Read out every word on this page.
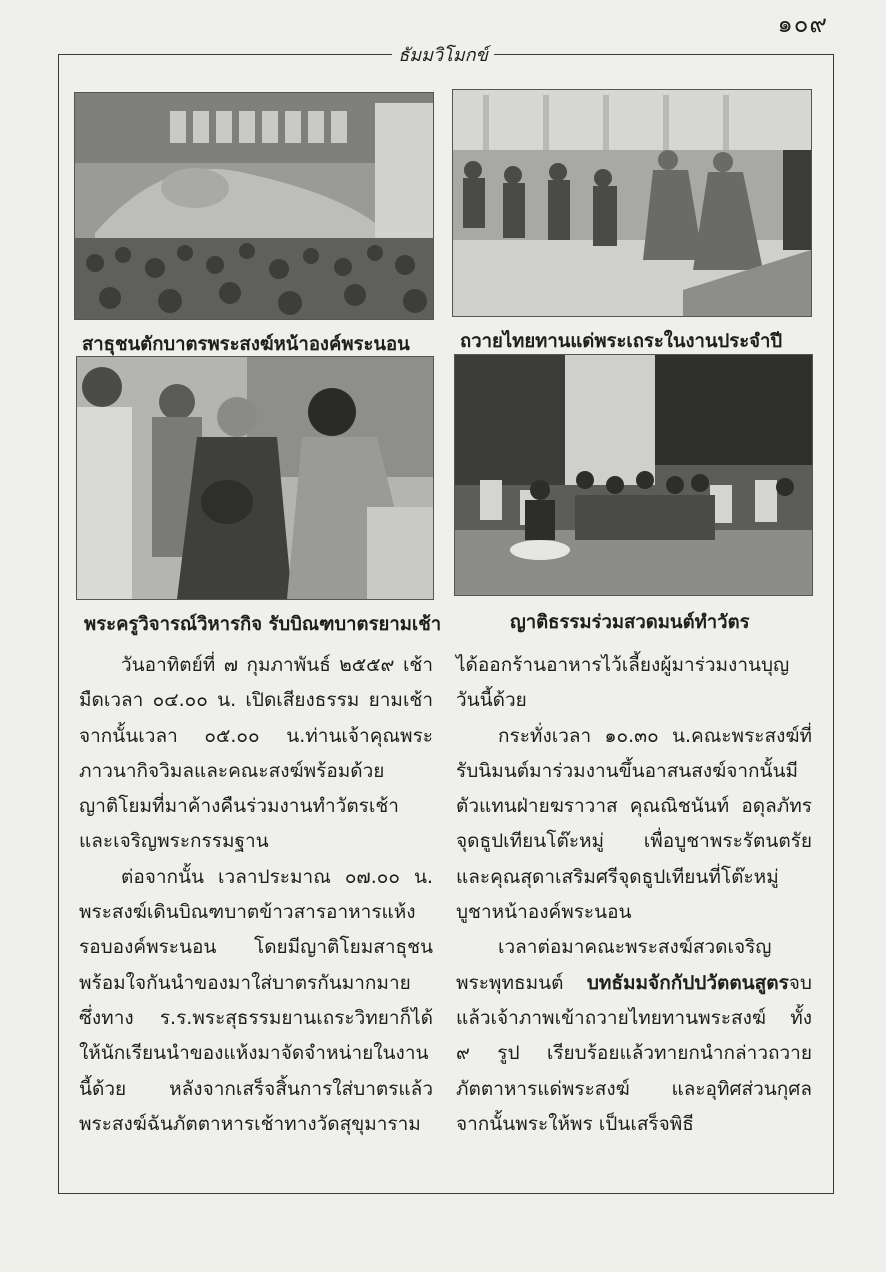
๑๐๙
ธัมมวิโมกข์
สาธุชนตักบาตรพระสงฆ์หน้าองค์พระนอน	ถวายไทยทานแด่พระเถระในงานประจำปี
พระครูวิจารณ์วิหารกิจ รับบิณฑบาตรยามเช้า	ญาติธรรมร่วมสวดมนต์ทำวัตร

วันอาทิตย์ที่ ๗ กุมภาพันธ์ ๒๕๕๙ เช้ามืดเวลา ๐๔.๐๐ น. เปิดเสียงธรรม ยามเช้า จากนั้นเวลา ๐๕.๐๐ น.ท่านเจ้าคุณพระภาวนากิจวิมลและคณะสงฆ์พร้อมด้วยญาติโยมที่มาค้างคืนร่วมงานทำวัตรเช้า และเจริญพระกรรมฐาน

ต่อจากนั้น เวลาประมาณ ๐๗.๐๐ น. พระสงฆ์เดินบิณฑบาตข้าวสารอาหารแห้ง รอบองค์พระนอน โดยมีญาติโยมสาธุชน พร้อมใจกันนำของมาใส่บาตรกันมากมาย ซึ่งทาง ร.ร.พระสุธรรมยานเถระวิทยาก็ได้ให้นักเรียนนำของแห้งมาจัดจำหน่ายในงานนี้ด้วย หลังจากเสร็จสิ้นการใส่บาตรแล้ว พระสงฆ์ฉันภัตตาหารเช้าทางวัดสุขุมาราม

ได้ออกร้านอาหารไว้เลี้ยงผู้มาร่วมงานบุญวันนี้ด้วย

กระทั่งเวลา ๑๐.๓๐ น.คณะพระสงฆ์ที่รับนิมนต์มาร่วมงานขึ้นอาสนสงฆ์จากนั้นมีตัวแทนฝ่ายฆราวาส คุณณิชนันท์ อดุลภัทร จุดธูปเทียนโต๊ะหมู่ เพื่อบูชาพระรัตนตรัย และคุณสุดาเสริมศรีจุดธูปเทียนที่โต๊ะหมู่บูชาหน้าองค์พระนอน

เวลาต่อมาคณะพระสงฆ์สวดเจริญพระพุทธมนต์ บทธัมมจักกัปปวัตตนสูตรจบ แล้วเจ้าภาพเข้าถวายไทยทานพระสงฆ์ ทั้ง ๙ รูป เรียบร้อยแล้วทายกนำกล่าวถวายภัตตาหารแด่พระสงฆ์ และอุทิศส่วนกุศล จากนั้นพระให้พร เป็นเสร็จพิธี
